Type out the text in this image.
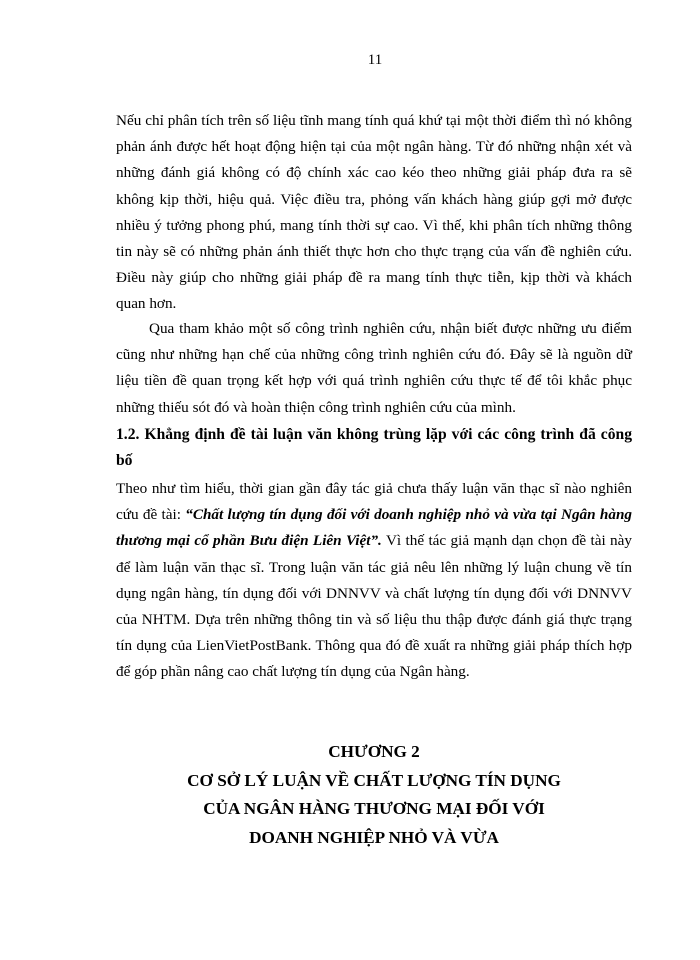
11
Nếu chỉ phân tích trên số liệu tĩnh mang tính quá khứ tại một thời điểm thì nó không phản ánh được hết hoạt động hiện tại của một ngân hàng. Từ đó những nhận xét và những đánh giá không có độ chính xác cao kéo theo những giải pháp đưa ra sẽ không kịp thời, hiệu quả. Việc điều tra, phỏng vấn khách hàng giúp gợi mở được nhiều ý tưởng phong phú, mang tính thời sự cao. Vì thế, khi phân tích những thông tin này sẽ có những phản ánh thiết thực hơn cho thực trạng của vấn đề nghiên cứu. Điều này giúp cho những giải pháp đề ra mang tính thực tiễn, kịp thời và khách quan hơn.
Qua tham khảo một số công trình nghiên cứu, nhận biết được những ưu điểm cũng như những hạn chế của những công trình nghiên cứu đó. Đây sẽ là nguồn dữ liệu tiền đề quan trọng kết hợp với quá trình nghiên cứu thực tế để tôi khắc phục những thiếu sót đó và hoàn thiện công trình nghiên cứu của mình.
1.2. Khẳng định đề tài luận văn không trùng lặp với các công trình đã công bố
Theo như tìm hiểu, thời gian gần đây tác giả chưa thấy luận văn thạc sĩ nào nghiên cứu đề tài: “Chất lượng tín dụng đối với doanh nghiệp nhỏ và vừa tại Ngân hàng thương mại cổ phần Bưu điện Liên Việt”. Vì thế tác giả mạnh dạn chọn đề tài này để làm luận văn thạc sĩ. Trong luận văn tác giả nêu lên những lý luận chung về tín dụng ngân hàng, tín dụng đối với DNNVV và chất lượng tín dụng đối với DNNVV của NHTM. Dựa trên những thông tin và số liệu thu thập được đánh giá thực trạng tín dụng của LienVietPostBank. Thông qua đó đề xuất ra những giải pháp thích hợp để góp phần nâng cao chất lượng tín dụng của Ngân hàng.
CHƯƠNG 2
CƠ SỞ LÝ LUẬN VỀ CHẤT LƯỢNG TÍN DỤNG
CỦA NGÂN HÀNG THƯƠNG MẠI ĐỐI VỚI
DOANH NGHIỆP NHỎ VÀ VỪA
